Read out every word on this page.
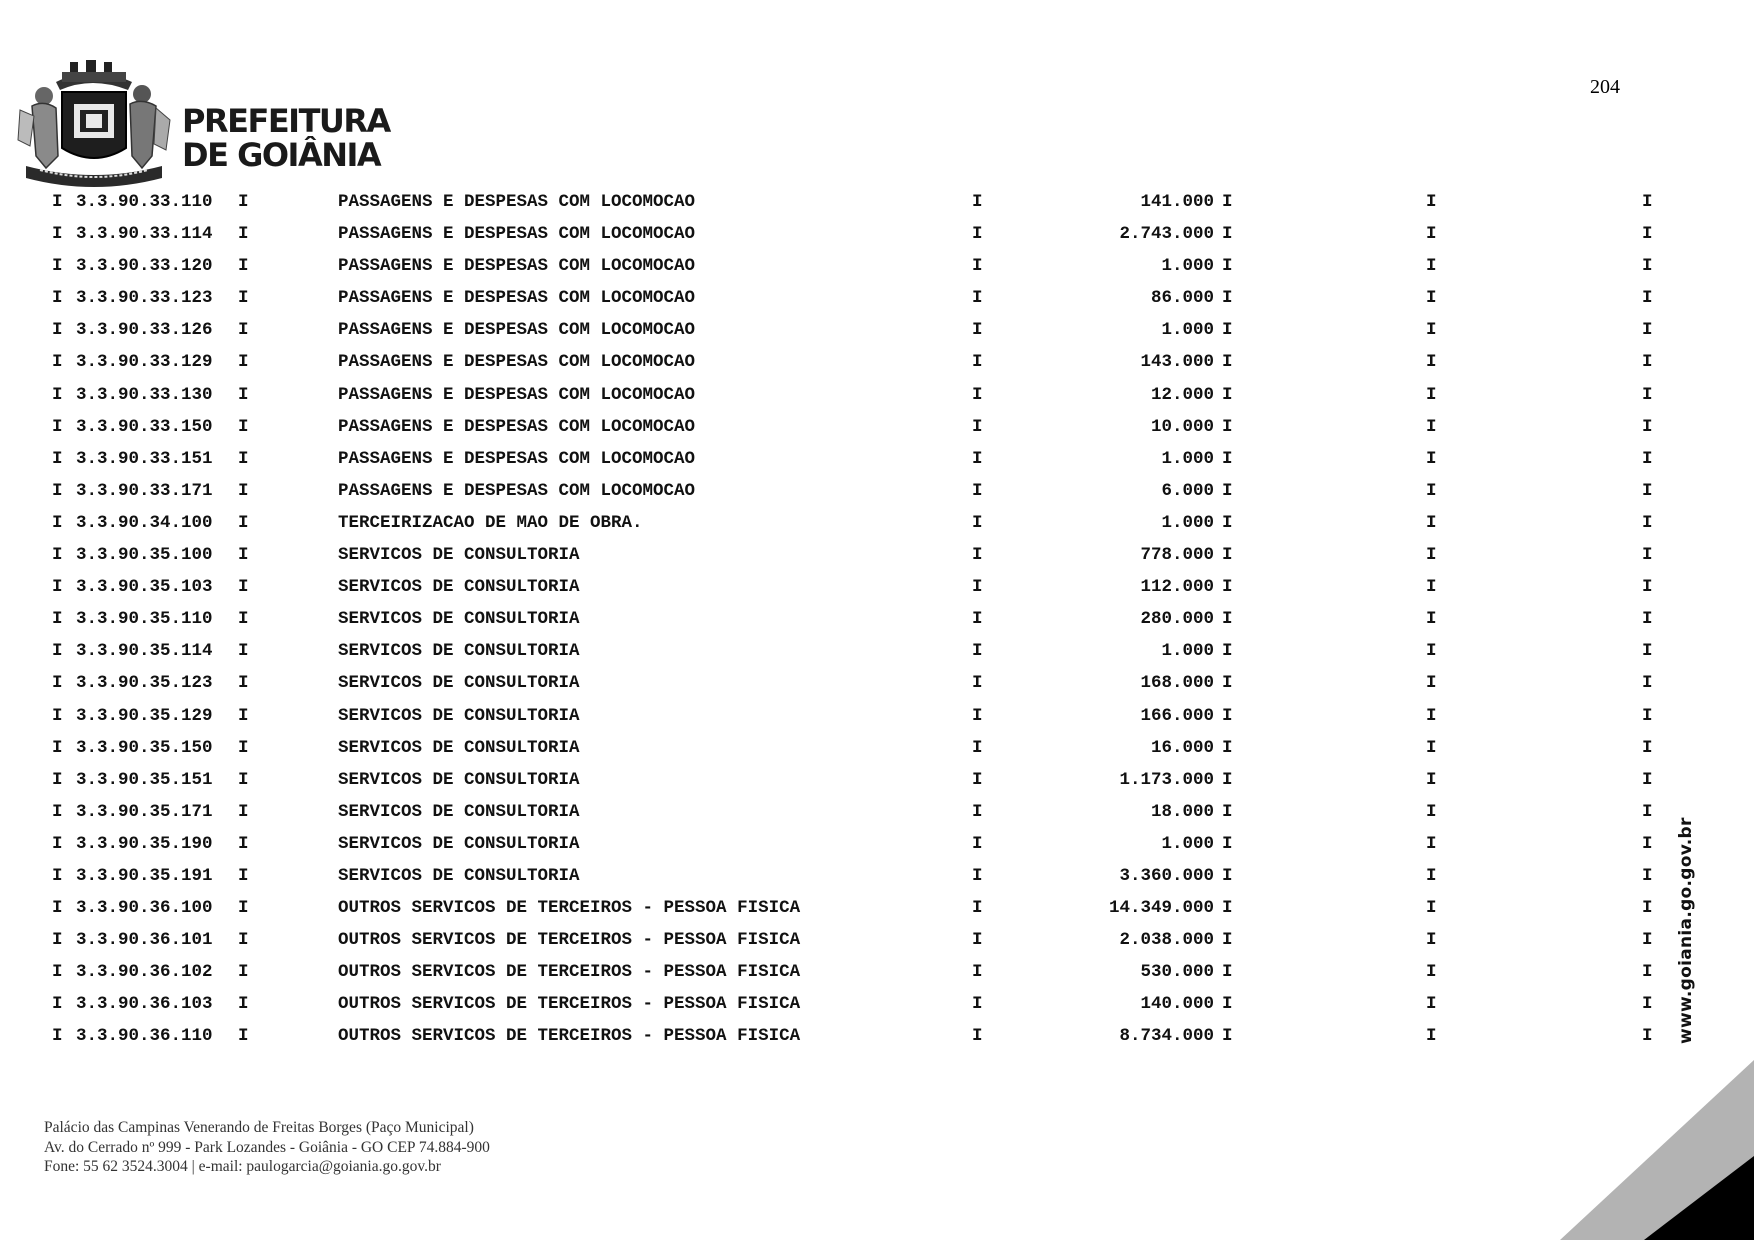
204
PREFEITURA
DE GOIÂNIA
I 3.3.90.33.110 I	PASSAGENS E DESPESAS COM LOCOMOCAO	I	141.000 I	I	I
I 3.3.90.33.114 I	PASSAGENS E DESPESAS COM LOCOMOCAO	I	2.743.000 I	I	I
I 3.3.90.33.120 I	PASSAGENS E DESPESAS COM LOCOMOCAO	I	1.000 I	I	I
I 3.3.90.33.123 I	PASSAGENS E DESPESAS COM LOCOMOCAO	I	86.000 I	I	I
I 3.3.90.33.126 I	PASSAGENS E DESPESAS COM LOCOMOCAO	I	1.000 I	I	I
I 3.3.90.33.129 I	PASSAGENS E DESPESAS COM LOCOMOCAO	I	143.000 I	I	I
I 3.3.90.33.130 I	PASSAGENS E DESPESAS COM LOCOMOCAO	I	12.000 I	I	I
I 3.3.90.33.150 I	PASSAGENS E DESPESAS COM LOCOMOCAO	I	10.000 I	I	I
I 3.3.90.33.151 I	PASSAGENS E DESPESAS COM LOCOMOCAO	I	1.000 I	I	I
I 3.3.90.33.171 I	PASSAGENS E DESPESAS COM LOCOMOCAO	I	6.000 I	I	I
I 3.3.90.34.100 I	TERCEIRIZACAO DE MAO DE OBRA.	I	1.000 I	I	I
I 3.3.90.35.100 I	SERVICOS DE CONSULTORIA	I	778.000 I	I	I
I 3.3.90.35.103 I	SERVICOS DE CONSULTORIA	I	112.000 I	I	I
I 3.3.90.35.110 I	SERVICOS DE CONSULTORIA	I	280.000 I	I	I
I 3.3.90.35.114 I	SERVICOS DE CONSULTORIA	I	1.000 I	I	I
I 3.3.90.35.123 I	SERVICOS DE CONSULTORIA	I	168.000 I	I	I
I 3.3.90.35.129 I	SERVICOS DE CONSULTORIA	I	166.000 I	I	I
I 3.3.90.35.150 I	SERVICOS DE CONSULTORIA	I	16.000 I	I	I
I 3.3.90.35.151 I	SERVICOS DE CONSULTORIA	I	1.173.000 I	I	I
I 3.3.90.35.171 I	SERVICOS DE CONSULTORIA	I	18.000 I	I	I
I 3.3.90.35.190 I	SERVICOS DE CONSULTORIA	I	1.000 I	I	I
I 3.3.90.35.191 I	SERVICOS DE CONSULTORIA	I	3.360.000 I	I	I
I 3.3.90.36.100 I	OUTROS SERVICOS DE TERCEIROS - PESSOA FISICA	I	14.349.000 I	I	I
I 3.3.90.36.101 I	OUTROS SERVICOS DE TERCEIROS - PESSOA FISICA	I	2.038.000 I	I	I
I 3.3.90.36.102 I	OUTROS SERVICOS DE TERCEIROS - PESSOA FISICA	I	530.000 I	I	I
I 3.3.90.36.103 I	OUTROS SERVICOS DE TERCEIROS - PESSOA FISICA	I	140.000 I	I	I
I 3.3.90.36.110 I	OUTROS SERVICOS DE TERCEIROS - PESSOA FISICA	I	8.734.000 I	I	I www.goiania.go.gov.br
Palácio das Campinas Venerando de Freitas Borges (Paço Municipal)
Av. do Cerrado nº 999 - Park Lozandes - Goiânia - GO CEP 74.884-900
Fone: 55 62 3524.3004 | e-mail: paulogarcia@goiania.go.gov.br
